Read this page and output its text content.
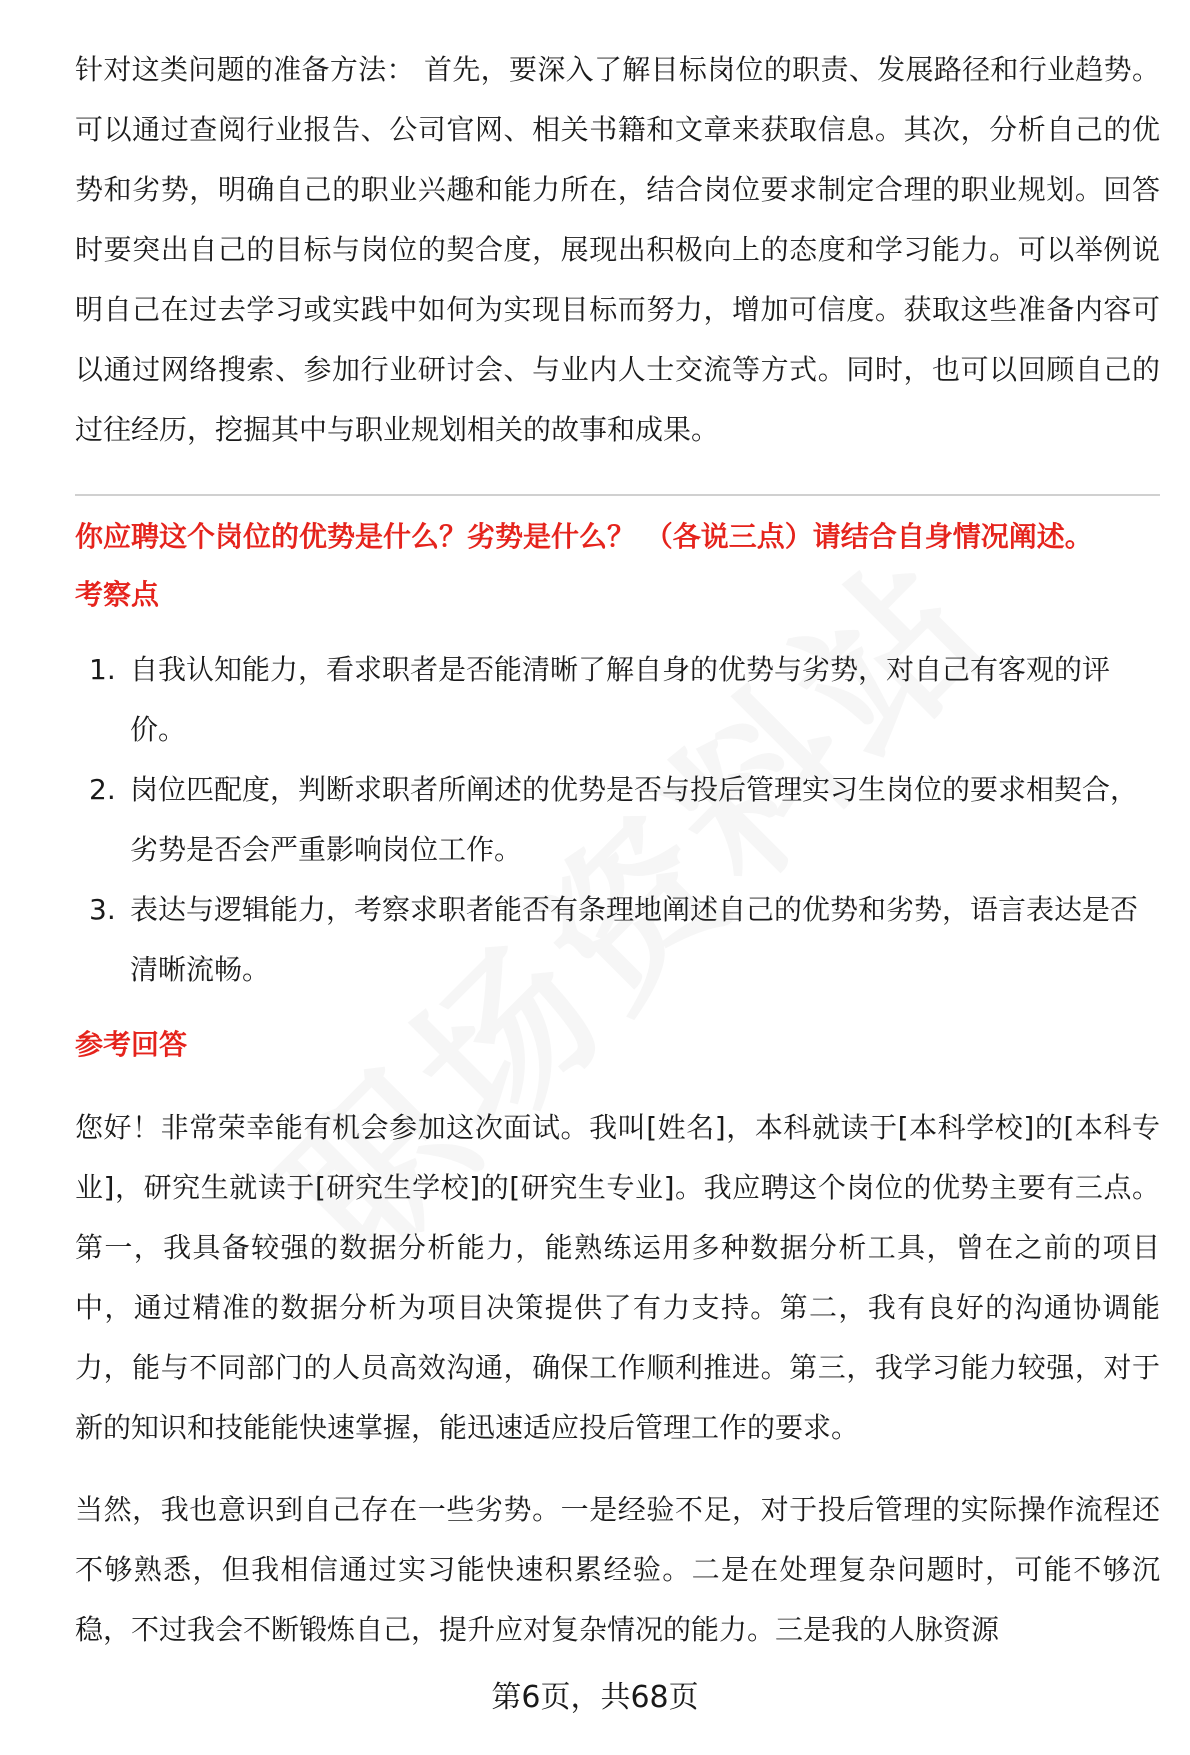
针对这类问题的准备方法： 首先，要深入了解目标岗位的职责、发展路径和行业趋势。可以通过查阅行业报告、公司官网、相关书籍和文章来获取信息。其次，分析自己的优势和劣势，明确自己的职业兴趣和能力所在，结合岗位要求制定合理的职业规划。回答时要突出自己的目标与岗位的契合度，展现出积极向上的态度和学习能力。可以举例说明自己在过去学习或实践中如何为实现目标而努力，增加可信度。获取这些准备内容可以通过网络搜索、参加行业研讨会、与业内人士交流等方式。同时，也可以回顾自己的过往经历，挖掘其中与职业规划相关的故事和成果。

你应聘这个岗位的优势是什么？劣势是什么？ （各说三点）请结合自身情况阐述。

考察点

1. 自我认知能力，看求职者是否能清晰了解自身的优势与劣势，对自己有客观的评价。
2. 岗位匹配度，判断求职者所阐述的优势是否与投后管理实习生岗位的要求相契合，劣势是否会严重影响岗位工作。
3. 表达与逻辑能力，考察求职者能否有条理地阐述自己的优势和劣势，语言表达是否清晰流畅。

参考回答

您好！非常荣幸能有机会参加这次面试。我叫[姓名]，本科就读于[本科学校]的[本科专业]，研究生就读于[研究生学校]的[研究生专业]。我应聘这个岗位的优势主要有三点。第一，我具备较强的数据分析能力，能熟练运用多种数据分析工具，曾在之前的项目中，通过精准的数据分析为项目决策提供了有力支持。第二，我有良好的沟通协调能力，能与不同部门的人员高效沟通，确保工作顺利推进。第三，我学习能力较强，对于新的知识和技能能快速掌握，能迅速适应投后管理工作的要求。

当然，我也意识到自己存在一些劣势。一是经验不足，对于投后管理的实际操作流程还不够熟悉，但我相信通过实习能快速积累经验。二是在处理复杂问题时，可能不够沉稳，不过我会不断锻炼自己，提升应对复杂情况的能力。三是我的人脉资源

第6页，共68页
